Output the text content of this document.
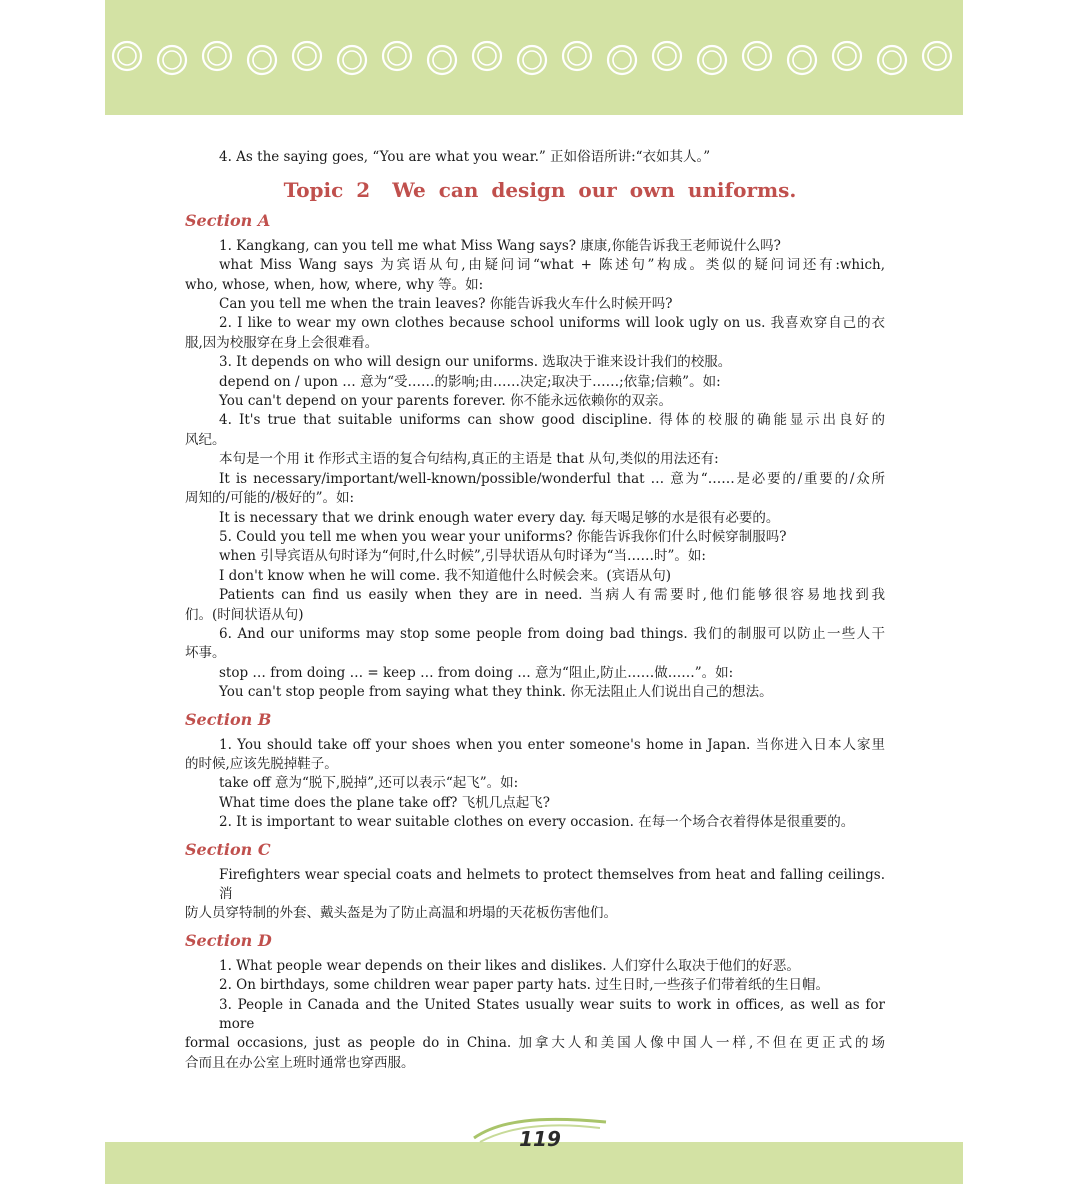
4. As the saying goes, “You are what you wear.” 正如俗语所讲:“衣如其人。”
Topic 2 We can design our own uniforms.
Section A
1. Kangkang, can you tell me what Miss Wang says? 康康,你能告诉我王老师说什么吗?
what Miss Wang says 为宾语从句,由疑问词“what + 陈述句”构成。类似的疑问词还有:which,
who, whose, when, how, where, why 等。如:
Can you tell me when the train leaves? 你能告诉我火车什么时候开吗?
2. I like to wear my own clothes because school uniforms will look ugly on us. 我喜欢穿自己的衣
服,因为校服穿在身上会很难看。
3. It depends on who will design our uniforms. 选取决于谁来设计我们的校服。
depend on / upon … 意为“受……的影响;由……决定;取决于……;依靠;信赖”。如:
You can't depend on your parents forever. 你不能永远依赖你的双亲。
4. It's true that suitable uniforms can show good discipline. 得体的校服的确能显示出良好的
风纪。
本句是一个用 it 作形式主语的复合句结构,真正的主语是 that 从句,类似的用法还有:
It is necessary/important/well-known/possible/wonderful that … 意为“……是必要的/重要的/众所
周知的/可能的/极好的”。如:
It is necessary that we drink enough water every day. 每天喝足够的水是很有必要的。
5. Could you tell me when you wear your uniforms? 你能告诉我你们什么时候穿制服吗?
when 引导宾语从句时译为“何时,什么时候”,引导状语从句时译为“当……时”。如:
I don't know when he will come. 我不知道他什么时候会来。(宾语从句)
Patients can find us easily when they are in need. 当病人有需要时,他们能够很容易地找到我
们。(时间状语从句)
6. And our uniforms may stop some people from doing bad things. 我们的制服可以防止一些人干
坏事。
stop … from doing … = keep … from doing … 意为“阻止,防止……做……”。如:
You can't stop people from saying what they think. 你无法阻止人们说出自己的想法。
Section B
1. You should take off your shoes when you enter someone's home in Japan. 当你进入日本人家里
的时候,应该先脱掉鞋子。
take off 意为“脱下,脱掉”,还可以表示“起飞”。如:
What time does the plane take off? 飞机几点起飞?
2. It is important to wear suitable clothes on every occasion. 在每一个场合衣着得体是很重要的。
Section C
Firefighters wear special coats and helmets to protect themselves from heat and falling ceilings. 消
防人员穿特制的外套、戴头盔是为了防止高温和坍塌的天花板伤害他们。
Section D
1. What people wear depends on their likes and dislikes. 人们穿什么取决于他们的好恶。
2. On birthdays, some children wear paper party hats. 过生日时,一些孩子们带着纸的生日帽。
3. People in Canada and the United States usually wear suits to work in offices, as well as for more
formal occasions, just as people do in China. 加拿大人和美国人像中国人一样,不但在更正式的场
合而且在办公室上班时通常也穿西服。
119
